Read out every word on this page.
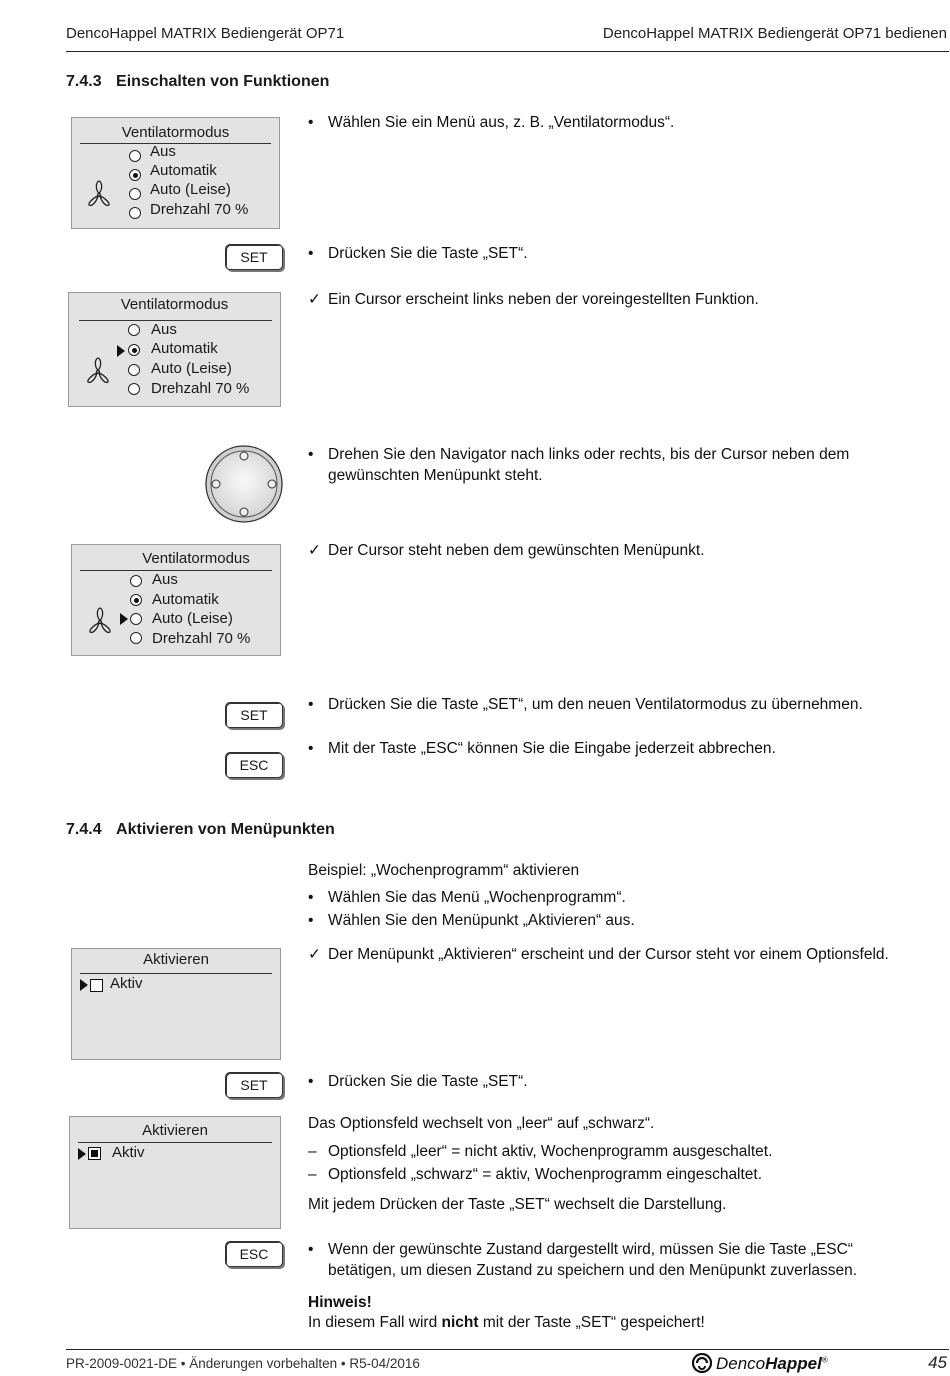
DencoHappel MATRIX Bediengerät OP71	DencoHappel MATRIX Bediengerät OP71 bedienen
7.4.3 Einschalten von Funktionen
Ventilatormodus
Aus
Automatik
Auto (Leise)
Drehzahl 70 %
• Wählen Sie ein Menü aus, z. B. „Ventilatormodus“.
SET	• Drücken Sie die Taste „SET“.
Ventilatormodus
Aus
Automatik
Auto (Leise)
Drehzahl 70 %
✓ Ein Cursor erscheint links neben der voreingestellten Funktion.
• Drehen Sie den Navigator nach links oder rechts, bis der Cursor neben dem
gewünschten Menüpunkt steht.
Ventilatormodus
Aus
Automatik
Auto (Leise)
Drehzahl 70 %
✓ Der Cursor steht neben dem gewünschten Menüpunkt.
SET
• Drücken Sie die Taste „SET“, um den neuen Ventilatormodus zu übernehmen.
ESC
• Mit der Taste „ESC“ können Sie die Eingabe jederzeit abbrechen.
7.4.4 Aktivieren von Menüpunkten
Beispiel: „Wochenprogramm“ aktivieren
• Wählen Sie das Menü „Wochenprogramm“.
• Wählen Sie den Menüpunkt „Aktivieren“ aus.
Aktivieren
Aktiv
✓ Der Menüpunkt „Aktivieren“ erscheint und der Cursor steht vor einem Optionsfeld.
SET	• Drücken Sie die Taste „SET“.
Aktivieren
Aktiv
Das Optionsfeld wechselt von „leer“ auf „schwarz“.
– Optionsfeld „leer“ = nicht aktiv, Wochenprogramm ausgeschaltet.
– Optionsfeld „schwarz“ = aktiv, Wochenprogramm eingeschaltet.
Mit jedem Drücken der Taste „SET“ wechselt die Darstellung.
ESC	• Wenn der gewünschte Zustand dargestellt wird, müssen Sie die Taste „ESC“
betätigen, um diesen Zustand zu speichern und den Menüpunkt zuverlassen.
Hinweis!
In diesem Fall wird nicht mit der Taste „SET“ gespeichert!
PR-2009-0021-DE • Änderungen vorbehalten • R5-04/2016	DencoHappel®	45
